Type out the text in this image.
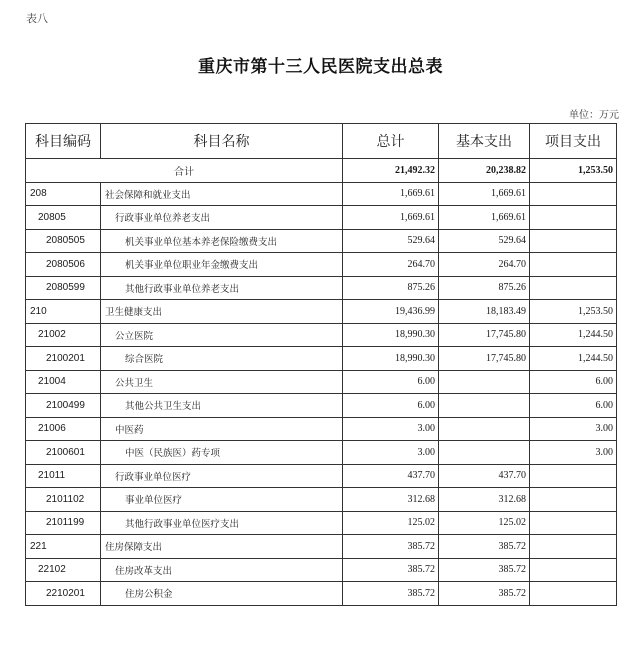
表八
重庆市第十三人民医院支出总表
单位：万元
科目编码	科目名称	总计	基本支出	项目支出
合计		21,492.32	20,238.82	1,253.50
208	社会保障和就业支出	1,669.61	1,669.61	
20805	行政事业单位养老支出	1,669.61	1,669.61	
2080505	机关事业单位基本养老保险缴费支出	529.64	529.64	
2080506	机关事业单位职业年金缴费支出	264.70	264.70	
2080599	其他行政事业单位养老支出	875.26	875.26	
210	卫生健康支出	19,436.99	18,183.49	1,253.50
21002	公立医院	18,990.30	17,745.80	1,244.50
2100201	综合医院	18,990.30	17,745.80	1,244.50
21004	公共卫生	6.00		6.00
2100499	其他公共卫生支出	6.00		6.00
21006	中医药	3.00		3.00
2100601	中医（民族医）药专项	3.00		3.00
21011	行政事业单位医疗	437.70	437.70	
2101102	事业单位医疗	312.68	312.68	
2101199	其他行政事业单位医疗支出	125.02	125.02	
221	住房保障支出	385.72	385.72	
22102	住房改革支出	385.72	385.72	
2210201	住房公积金	385.72	385.72	
